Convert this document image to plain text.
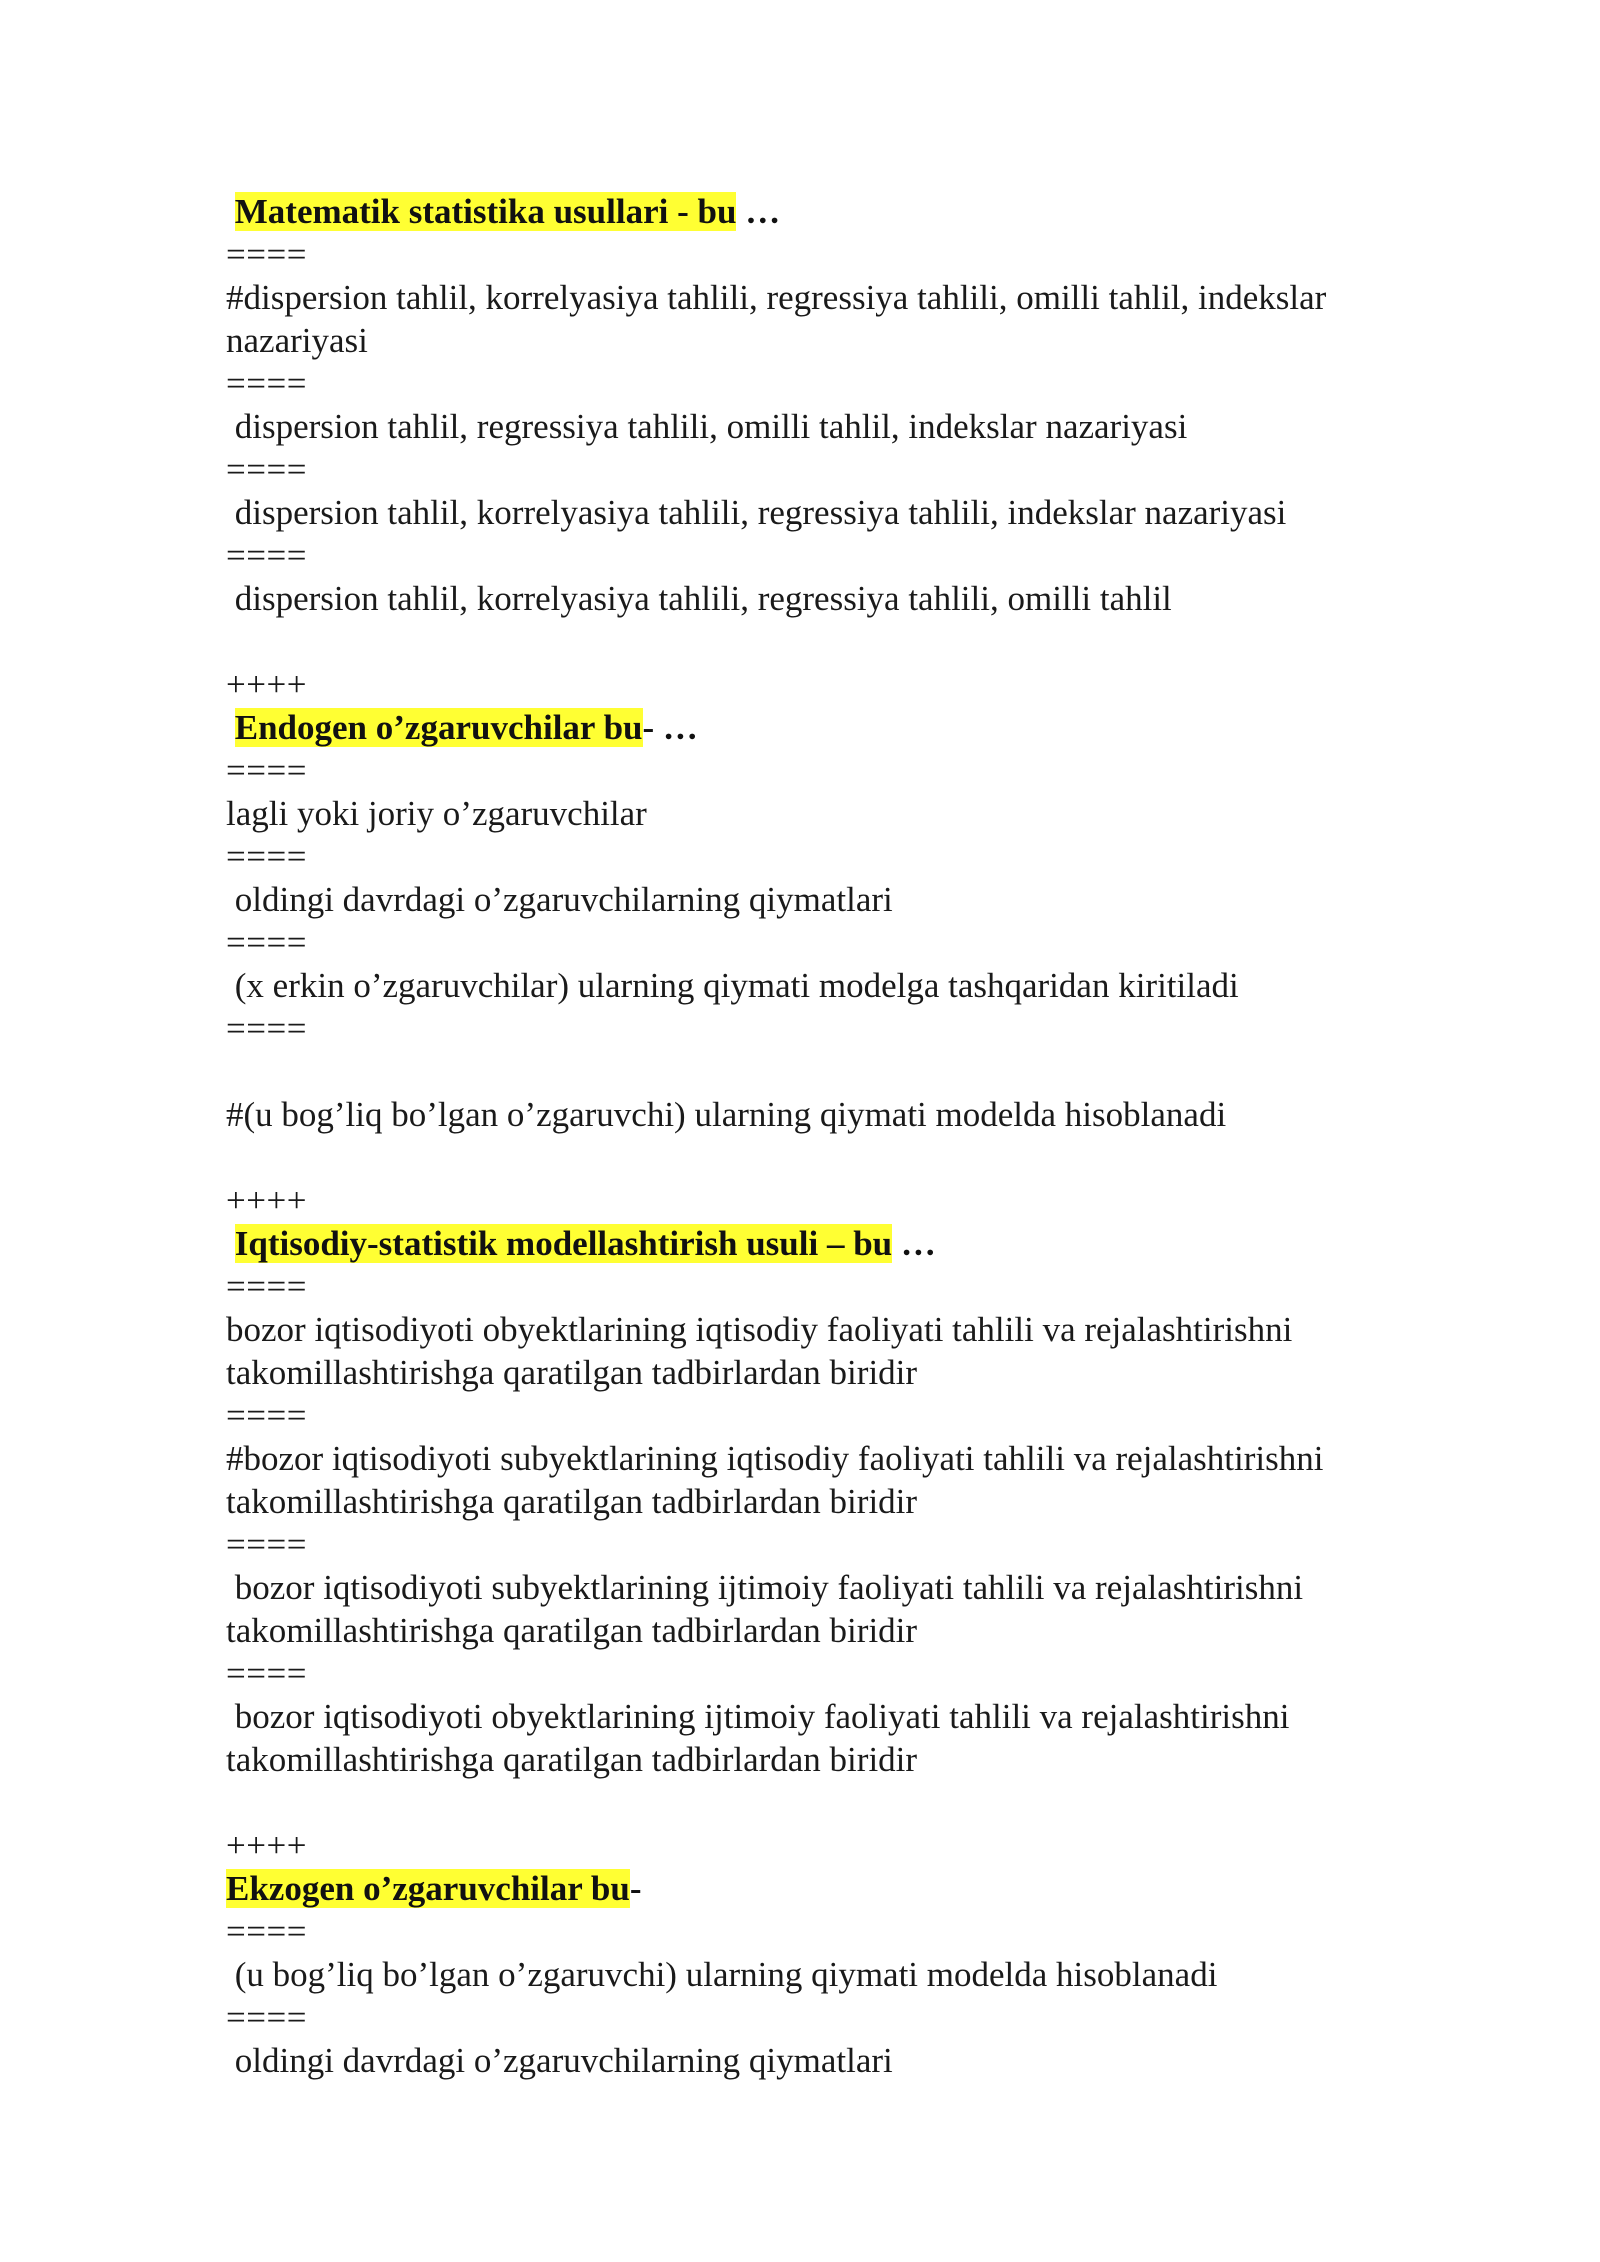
Matematik statistika usullari - bu …
====
#dispersion tahlil, korrelyasiya tahlili, regressiya tahlili, omilli tahlil, indekslar nazariyasi
====
dispersion tahlil, regressiya tahlili, omilli tahlil, indekslar nazariyasi
====
dispersion tahlil, korrelyasiya tahlili, regressiya tahlili, indekslar nazariyasi
====
dispersion tahlil, korrelyasiya tahlili, regressiya tahlili, omilli tahlil
++++
Endogen o’zgaruvchilar bu- …
====
lagli yoki joriy o’zgaruvchilar
====
oldingi davrdagi o’zgaruvchilarning qiymatlari
====
(x erkin o’zgaruvchilar) ularning qiymati modelga tashqaridan kiritiladi
====
#(u bog’liq bo’lgan o’zgaruvchi) ularning qiymati modelda hisoblanadi
++++
Iqtisodiy-statistik modellashtirish usuli – bu …
====
bozor iqtisodiyoti obyektlarining iqtisodiy faoliyati tahlili va rejalashtirishni takomillashtirishga qaratilgan tadbirlardan biridir
====
#bozor iqtisodiyoti subyektlarining iqtisodiy faoliyati tahlili va rejalashtirishni takomillashtirishga qaratilgan tadbirlardan biridir
====
bozor iqtisodiyoti subyektlarining ijtimoiy faoliyati tahlili va rejalashtirishni takomillashtirishga qaratilgan tadbirlardan biridir
====
bozor iqtisodiyoti obyektlarining ijtimoiy faoliyati tahlili va rejalashtirishni takomillashtirishga qaratilgan tadbirlardan biridir
++++
Ekzogen o’zgaruvchilar bu-
====
(u bog’liq bo’lgan o’zgaruvchi) ularning qiymati modelda hisoblanadi
====
oldingi davrdagi o’zgaruvchilarning qiymatlari
